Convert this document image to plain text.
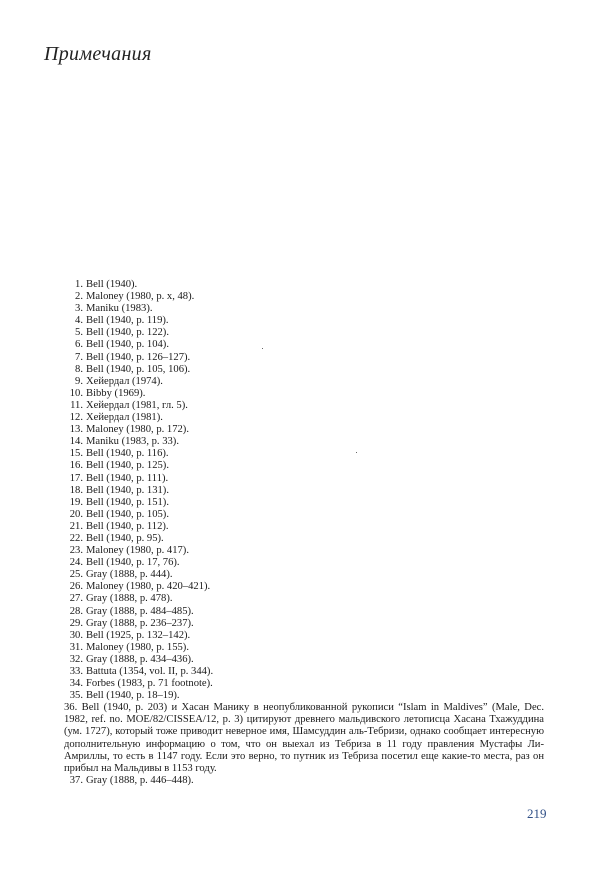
Примечания
1. Bell (1940).
2. Maloney (1980, p. x, 48).
3. Maniku (1983).
4. Bell (1940, p. 119).
5. Bell (1940, p. 122).
6. Bell (1940, p. 104).
7. Bell (1940, p. 126–127).
8. Bell (1940, p. 105, 106).
9. Хейердал (1974).
10. Bibby (1969).
11. Хейердал (1981, гл. 5).
12. Хейердал (1981).
13. Maloney (1980, p. 172).
14. Maniku (1983, p. 33).
15. Bell (1940, p. 116).
16. Bell (1940, p. 125).
17. Bell (1940, p. 111).
18. Bell (1940, p. 131).
19. Bell (1940, p. 151).
20. Bell (1940, p. 105).
21. Bell (1940, p. 112).
22. Bell (1940, p. 95).
23. Maloney (1980, p. 417).
24. Bell (1940, p. 17, 76).
25. Gray (1888, p. 444).
26. Maloney (1980, p. 420–421).
27. Gray (1888, p. 478).
28. Gray (1888, p. 484–485).
29. Gray (1888, p. 236–237).
30. Bell (1925, p. 132–142).
31. Maloney (1980, p. 155).
32. Gray (1888, p. 434–436).
33. Battuta (1354, vol. II, p. 344).
34. Forbes (1983, p. 71 footnote).
35. Bell (1940, p. 18–19).
36. Bell (1940, p. 203) и Хасан Маникy в неопубликованной рукописи “Islam in Maldives” (Male, Dec. 1982, ref. no. MOE/82/CISSEA/12, p. 3) цитируют древнего мальдивского летописца Хасана Тхажуддина (ум. 1727), который тоже приводит неверное имя, Шамсуддин аль-Тебризи, однако сообщает интересную дополнительную информацию о том, что он выехал из Тебриза в 11 году правления Мустафы Ли-Амриллы, то есть в 1147 году. Если это верно, то путник из Тебриза посетил еще какие-то места, раз он прибыл на Мальдивы в 1153 году.
37. Gray (1888, p. 446–448).
219
